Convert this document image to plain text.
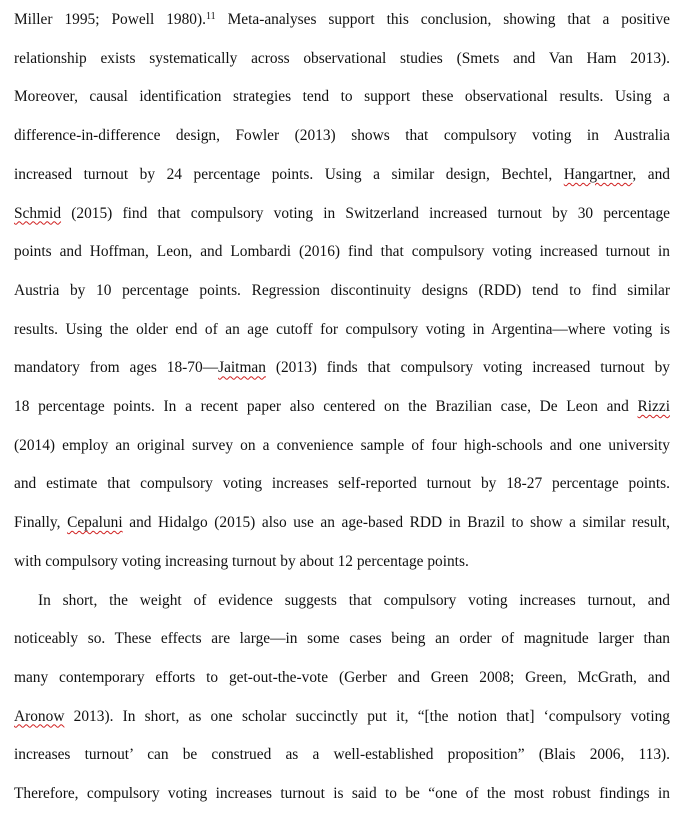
Miller 1995; Powell 1980).$^{11}$ Meta-analyses support this conclusion, showing that a positive
relationship exists systematically across observational studies (Smets and Van Ham 2013).
Moreover, causal identification strategies tend to support these observational results. Using a
difference-in-difference design, Fowler (2013) shows that compulsory voting in Australia
increased turnout by 24 percentage points. Using a similar design, Bechtel, Hangartner, and
Schmid (2015) find that compulsory voting in Switzerland increased turnout by 30 percentage
points and Hoffman, Leon, and Lombardi (2016) find that compulsory voting increased turnout in
Austria by 10 percentage points. Regression discontinuity designs (RDD) tend to find similar
results. Using the older end of an age cutoff for compulsory voting in Argentina—where voting is
mandatory from ages 18-70—Jaitman (2013) finds that compulsory voting increased turnout by
18 percentage points. In a recent paper also centered on the Brazilian case, De Leon and Rizzi
(2014) employ an original survey on a convenience sample of four high-schools and one university
and estimate that compulsory voting increases self-reported turnout by 18-27 percentage points.
Finally, Cepaluni and Hidalgo (2015) also use an age-based RDD in Brazil to show a similar result,
with compulsory voting increasing turnout by about 12 percentage points.
In short, the weight of evidence suggests that compulsory voting increases turnout, and
noticeably so. These effects are large—in some cases being an order of magnitude larger than
many contemporary efforts to get-out-the-vote (Gerber and Green 2008; Green, McGrath, and
Aronow 2013). In short, as one scholar succinctly put it, “[the notion that] ‘compulsory voting
increases turnout’ can be construed as a well-established proposition” (Blais 2006, 113).
Therefore, compulsory voting increases turnout is said to be “one of the most robust findings in
